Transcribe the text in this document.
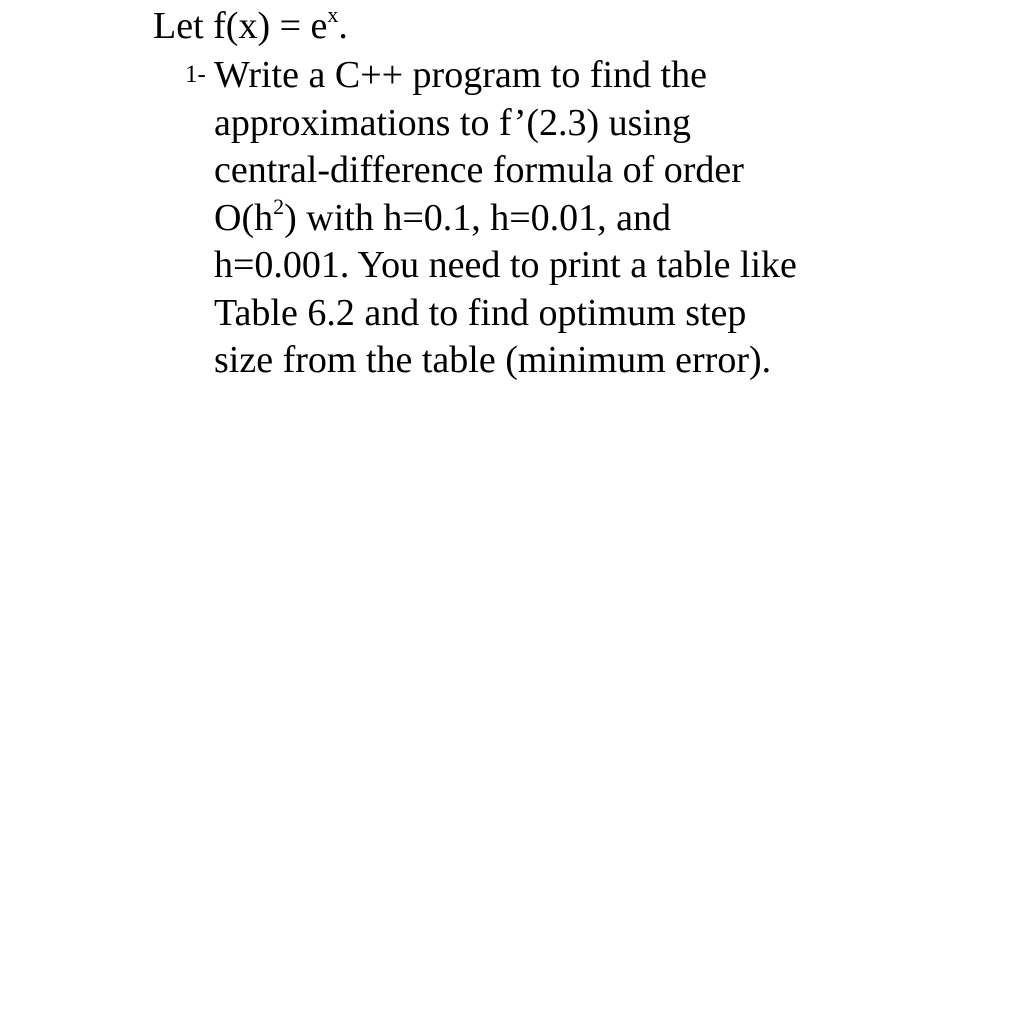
Let $f(x) = e^x$.
1- Write a C++ program to find the
approximations to f’(2.3) using
central-difference formula of order
$O(h^2)$ with h=0.1, h=0.01, and
h=0.001. You need to print a table like
Table 6.2 and to find optimum step
size from the table (minimum error).
